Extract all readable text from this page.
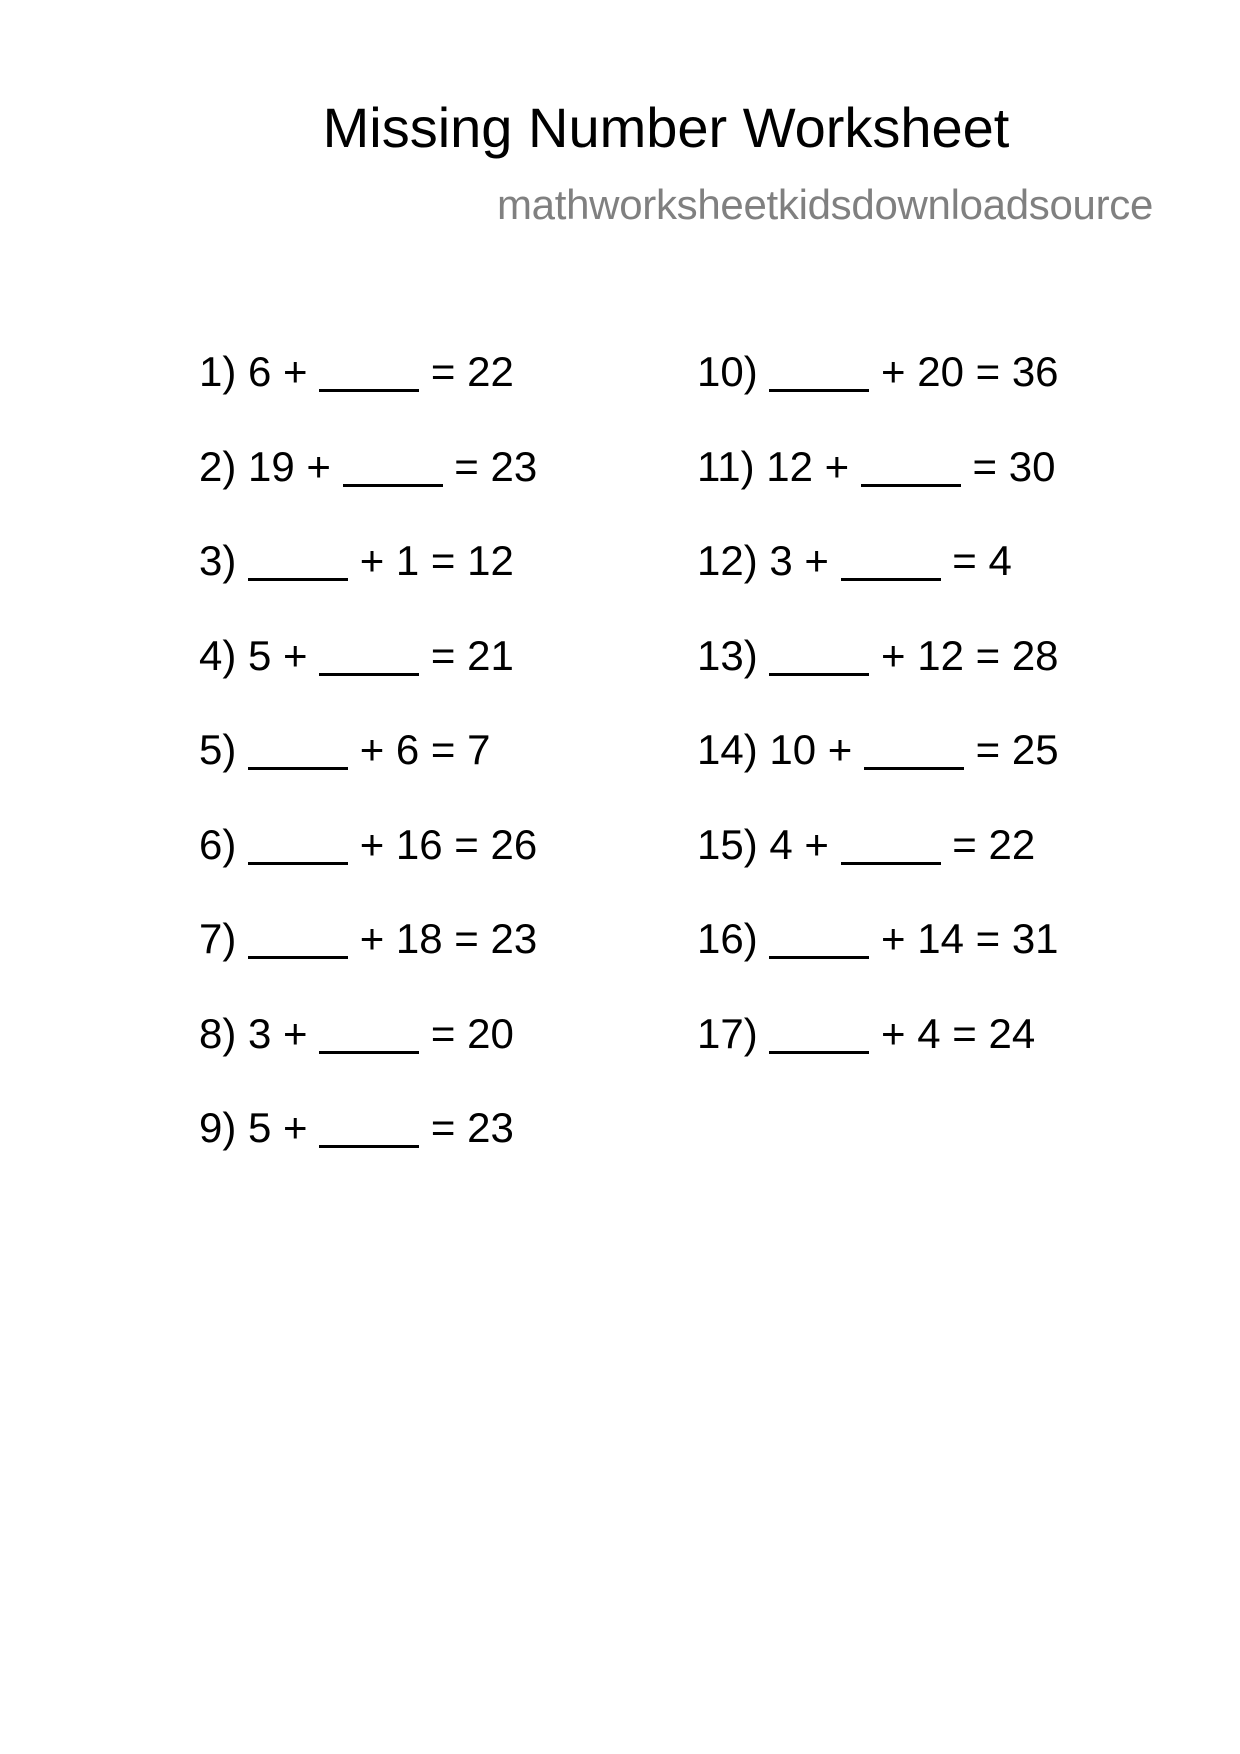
Missing Number Worksheet
mathworksheetkidsdownloadsource
1) 6 +  = 22
2) 19 +  = 23
3)	+ 1 = 12
4) 5 +  = 21
5)	+ 6 = 7
6)	+ 16 = 26
7)	+ 18 = 23
8) 3 +  = 20
9) 5 +  = 23
10)	+ 20 = 36
11) 12 +  = 30
12) 3 +  = 4
13)	+ 12 = 28
14) 10 +  = 25
15) 4 +  = 22
16)	+ 14 = 31
17)	+ 4 = 24
